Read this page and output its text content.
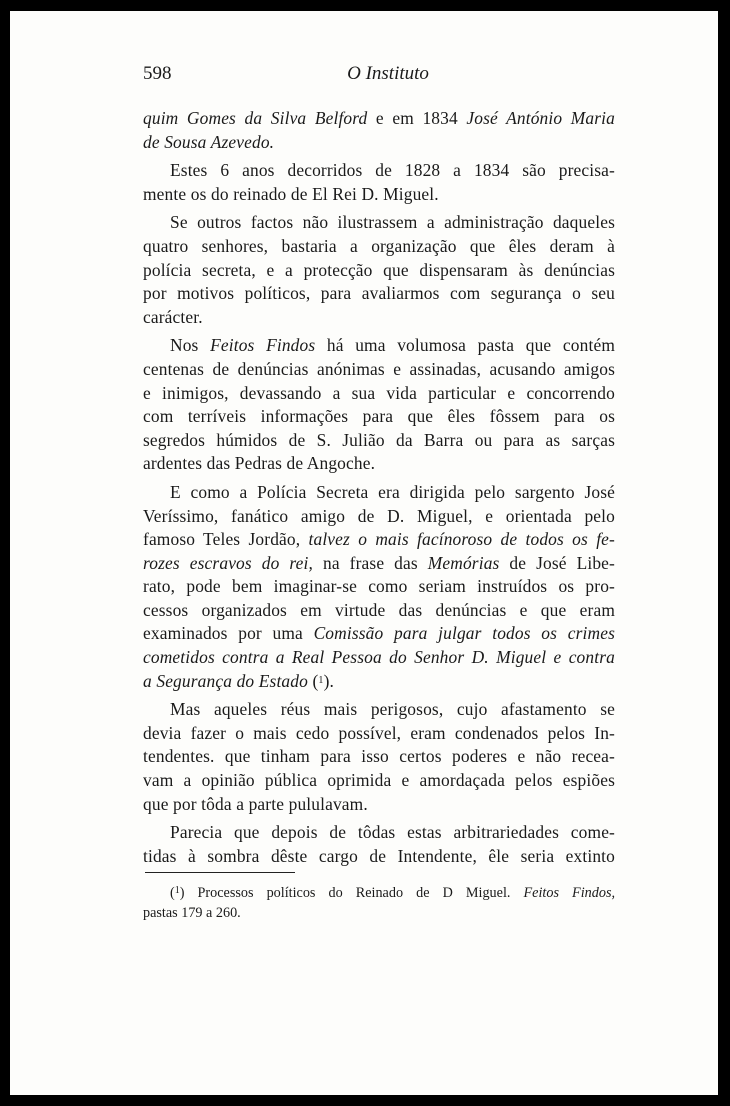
598	O Instituto
quim Gomes da Silva Belford e em 1834 José António Maria
de Sousa Azevedo.
Estes 6 anos decorridos de 1828 a 1834 são precisa-
mente os do reinado de El Rei D. Miguel.
Se outros factos não ilustrassem a administração daqueles
quatro senhores, bastaria a organização que êles deram à
polícia secreta, e a protecção que dispensaram às denúncias
por motivos políticos, para avaliarmos com segurança o seu
carácter.
Nos Feitos Findos há uma volumosa pasta que contém
centenas de denúncias anónimas e assinadas, acusando amigos
e inimigos, devassando a sua vida particular e concorrendo
com terríveis informações para que êles fôssem para os
segredos húmidos de S. Julião da Barra ou para as sarças
ardentes das Pedras de Angoche.
E como a Polícia Secreta era dirigida pelo sargento José
Veríssimo, fanático amigo de D. Miguel, e orientada pelo
famoso Teles Jordão, talvez o mais facínoroso de todos os fe-
rozes escravos do rei, na frase das Memórias de José Libe-
rato, pode bem imaginar-se como seriam instruídos os pro-
cessos organizados em virtude das denúncias e que eram
examinados por uma Comissão para julgar todos os crimes
cometidos contra a Real Pessoa do Senhor D. Miguel e contra
a Segurança do Estado ($^1$).
Mas aqueles réus mais perigosos, cujo afastamento se
devia fazer o mais cedo possível, eram condenados pelos In-
tendentes. que tinham para isso certos poderes e não recea-
vam a opinião pública oprimida e amordaçada pelos espiões
que por tôda a parte pululavam.
Parecia que depois de tôdas estas arbitrariedades come-
tidas à sombra dêste cargo de Intendente, êle seria extinto
($^1$) Processos políticos do Reinado de D Miguel. Feitos Findos,
pastas 179 a 260.
